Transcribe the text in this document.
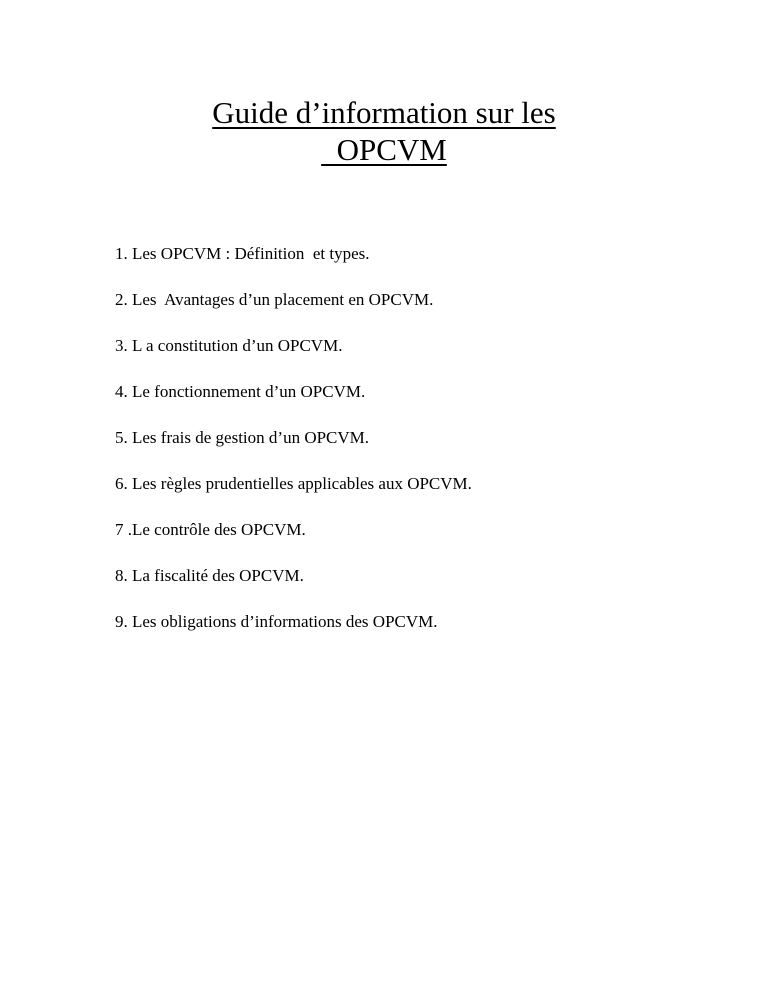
Guide d’information sur les
OPCVM
1. Les OPCVM : Définition  et types.
2. Les  Avantages d’un placement en OPCVM.
3. L a constitution d’un OPCVM.
4. Le fonctionnement d’un OPCVM.
5. Les frais de gestion d’un OPCVM.
6. Les règles prudentielles applicables aux OPCVM.
7 .Le contrôle des OPCVM.
8. La fiscalité des OPCVM.
9. Les obligations d’informations des OPCVM.
